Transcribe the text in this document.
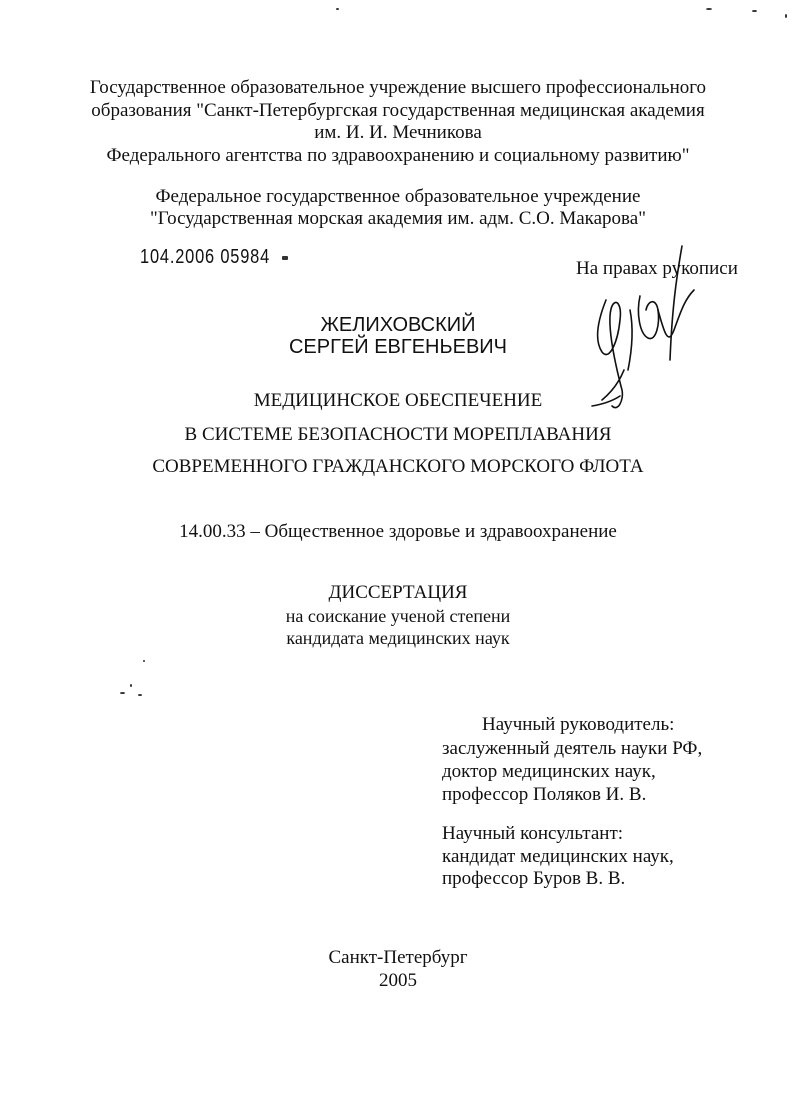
Государственное образовательное учреждение высшего профессионального
образования "Санкт-Петербургская государственная медицинская академия
им. И. И. Мечникова
Федерального агентства по здравоохранению и социальному развитию"
Федеральное государственное образовательное учреждение
"Государственная морская академия им. адм. С.О. Макарова"
104.2006 05984
На правах рукописи
ЖЕЛИХОВСКИЙ
СЕРГЕЙ ЕВГЕНЬЕВИЧ
МЕДИЦИНСКОЕ ОБЕСПЕЧЕНИЕ
В СИСТЕМЕ БЕЗОПАСНОСТИ МОРЕПЛАВАНИЯ
СОВРЕМЕННОГО ГРАЖДАНСКОГО МОРСКОГО ФЛОТА
14.00.33 – Общественное здоровье и здравоохранение
ДИССЕРТАЦИЯ
на соискание ученой степени
кандидата медицинских наук
Научный руководитель:
заслуженный деятель науки РФ,
доктор медицинских наук,
профессор Поляков И. В.
Научный консультант:
кандидат медицинских наук,
профессор Буров В. В.
Санкт-Петербург
2005
